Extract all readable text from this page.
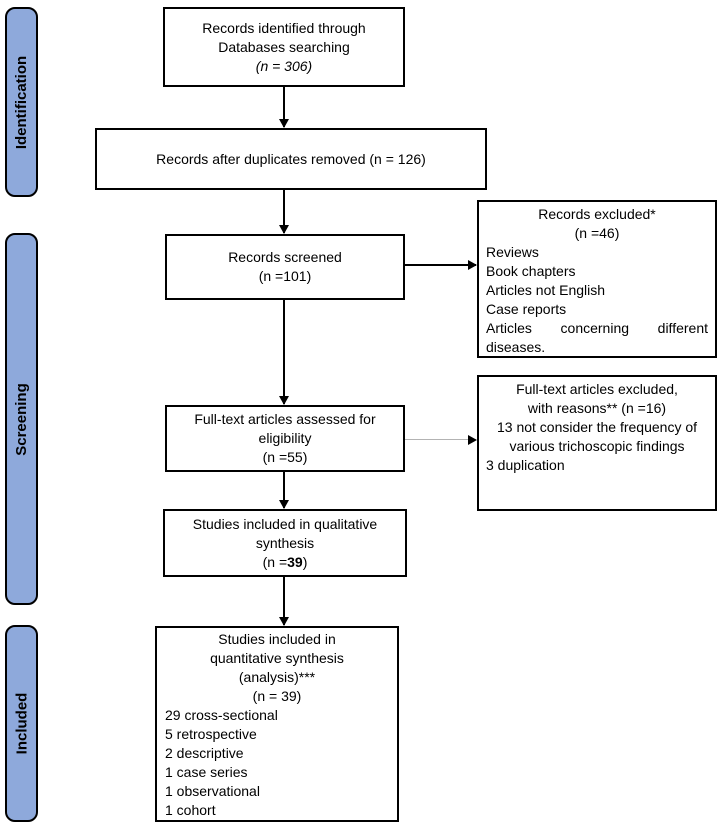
Identification
Screening
Included
Records identified through
Databases searching
(n = 306)
Records after duplicates removed (n = 126)
Records screened
(n =101)
Records excluded*
(n =46)
Reviews
Book chapters
Articles not English
Case reports
Articles concerning different diseases.
Full-text articles assessed for
eligibility
(n =55)
Full-text articles excluded,
with reasons** (n =16)
13 not consider the frequency of various trichoscopic findings
3 duplication
Studies included in qualitative
synthesis
(n =39)
Studies included in
quantitative synthesis
(analysis)***
(n = 39)
29 cross-sectional
5 retrospective
2 descriptive
1 case series
1 observational
1 cohort
